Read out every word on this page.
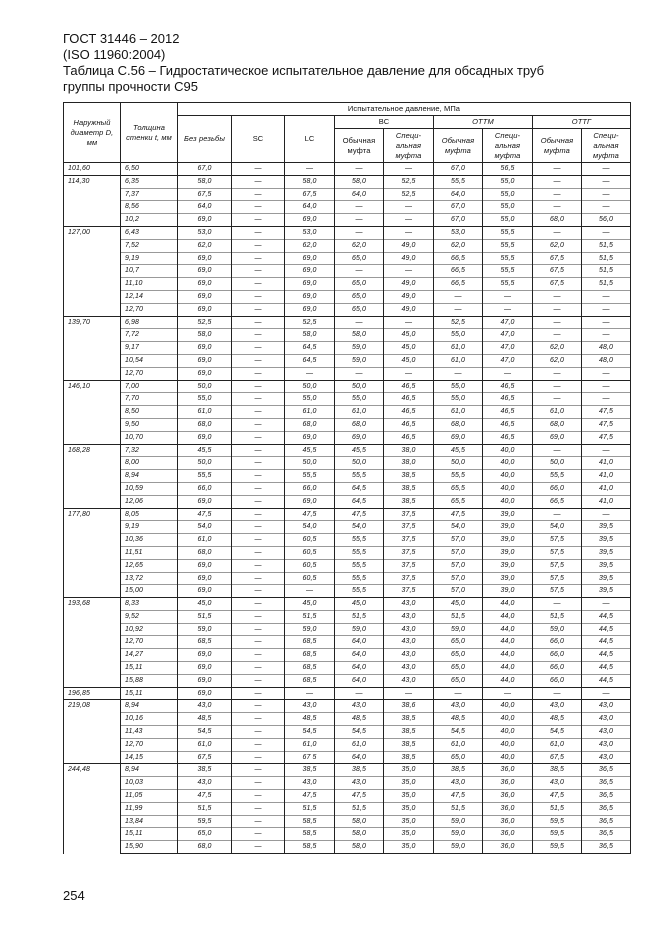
ГОСТ 31446 – 2012
(ISO 11960:2004)
Таблица С.56 – Гидростатическое испытательное давление для обсадных труб
группы прочности С95
Наружный диаметр D, мм	Толщина стенки t, мм	Испытательное давление, МПа								
		Без резьбы	SC	LC	BC		ОТТМ		ОТТГ	
					Обычная муфта	Специ-альная муфта	Обычная муфта	Специ-альная муфта	Обычная муфта	Специ-альная муфта
101,60	6,50	67,0	—	—	—	—	67,0	56,5	—	—
114,30	6,35	58,0	—	58,0	58,0	52,5	55,5	55,0	—	—
	7,37	67,5	—	67,5	64,0	52,5	64,0	55,0	—	—
	8,56	64,0	—	64,0	—	—	67,0	55,0	—	—
	10,2	69,0	—	69,0	—	—	67,0	55,0	68,0	56,0
127,00	6,43	53,0	—	53,0	—	—	53,0	55,5	—	—
	7,52	62,0	—	62,0	62,0	49,0	62,0	55,5	62,0	51,5
	9,19	69,0	—	69,0	65,0	49,0	66,5	55,5	67,5	51,5
	10,7	69,0	—	69,0	—	—	66,5	55,5	67,5	51,5
	11,10	69,0	—	69,0	65,0	49,0	66,5	55,5	67,5	51,5
	12,14	69,0	—	69,0	65,0	49,0	—	—	—	—
	12,70	69,0	—	69,0	65,0	49,0	—	—	—	—
139,70	6,98	52,5	—	52,5	—	—	52,5	47,0	—	—
	7,72	58,0	—	58,0	58,0	45,0	55,0	47,0	—	—
	9,17	69,0	—	64,5	59,0	45,0	61,0	47,0	62,0	48,0
	10,54	69,0	—	64,5	59,0	45,0	61,0	47,0	62,0	48,0
	12,70	69,0	—	—	—	—	—	—	—	—
146,10	7,00	50,0	—	50,0	50,0	46,5	55,0	46,5	—	—
	7,70	55,0	—	55,0	55,0	46,5	55,0	46,5	—	—
	8,50	61,0	—	61,0	61,0	46,5	61,0	46,5	61,0	47,5
	9,50	68,0	—	68,0	68,0	46,5	68,0	46,5	68,0	47,5
	10,70	69,0	—	69,0	69,0	46,5	69,0	46,5	69,0	47,5
168,28	7,32	45,5	—	45,5	45,5	38,0	45,5	40,0	—	—
	8,00	50,0	—	50,0	50,0	38,0	50,0	40,0	50,0	41,0
	8,94	55,5	—	55,5	55,5	38,5	55,5	40,0	55,5	41,0
	10,59	66,0	—	66,0	64,5	38,5	65,5	40,0	66,0	41,0
	12,06	69,0	—	69,0	64,5	38,5	65,5	40,0	66,5	41,0
177,80	8,05	47,5	—	47,5	47,5	37,5	47,5	39,0	—	—
	9,19	54,0	—	54,0	54,0	37,5	54,0	39,0	54,0	39,5
	10,36	61,0	—	60,5	55,5	37,5	57,0	39,0	57,5	39,5
	11,51	68,0	—	60,5	55,5	37,5	57,0	39,0	57,5	39,5
	12,65	69,0	—	60,5	55,5	37,5	57,0	39,0	57,5	39,5
	13,72	69,0	—	60,5	55,5	37,5	57,0	39,0	57,5	39,5
	15,00	69,0	—	—	55,5	37,5	57,0	39,0	57,5	39,5
193,68	8,33	45,0	—	45,0	45,0	43,0	45,0	44,0	—	—
	9,52	51,5	—	51,5	51,5	43,0	51,5	44,0	51,5	44,5
	10,92	59,0	—	59,0	59,0	43,0	59,0	44,0	59,0	44,5
	12,70	68,5	—	68,5	64,0	43,0	65,0	44,0	66,0	44,5
	14,27	69,0	—	68,5	64,0	43,0	65,0	44,0	66,0	44,5
	15,11	69,0	—	68,5	64,0	43,0	65,0	44,0	66,0	44,5
	15,88	69,0	—	68,5	64,0	43,0	65,0	44,0	66,0	44,5
196,85	15,11	69,0	—	—	—	—	—	—	—	—
219,08	8,94	43,0	—	43,0	43,0	38,6	43,0	40,0	43,0	43,0
	10,16	48,5	—	48,5	48,5	38,5	48,5	40,0	48,5	43,0
	11,43	54,5	—	54,5	54,5	38,5	54,5	40,0	54,5	43,0
	12,70	61,0	—	61,0	61,0	38,5	61,0	40,0	61,0	43,0
	14,15	67,5	—	67 5	64,0	38,5	65,0	40,0	67,5	43,0
244,48	8,94	38,5	—	38,5	38,5	35,0	38,5	36,0	38,5	36,5
	10,03	43,0	—	43,0	43,0	35,0	43,0	36,0	43,0	36,5
	11,05	47,5	—	47,5	47,5	35,0	47,5	36,0	47,5	36,5
	11,99	51,5	—	51,5	51,5	35,0	51,5	36,0	51,5	36,5
	13,84	59,5	—	58,5	58,0	35,0	59,0	36,0	59,5	36,5
	15,11	65,0	—	58,5	58,0	35,0	59,0	36,0	59,5	36,5
	15,90	68,0	—	58,5	58,0	35,0	59,0	36,0	59,5	36,5
254
